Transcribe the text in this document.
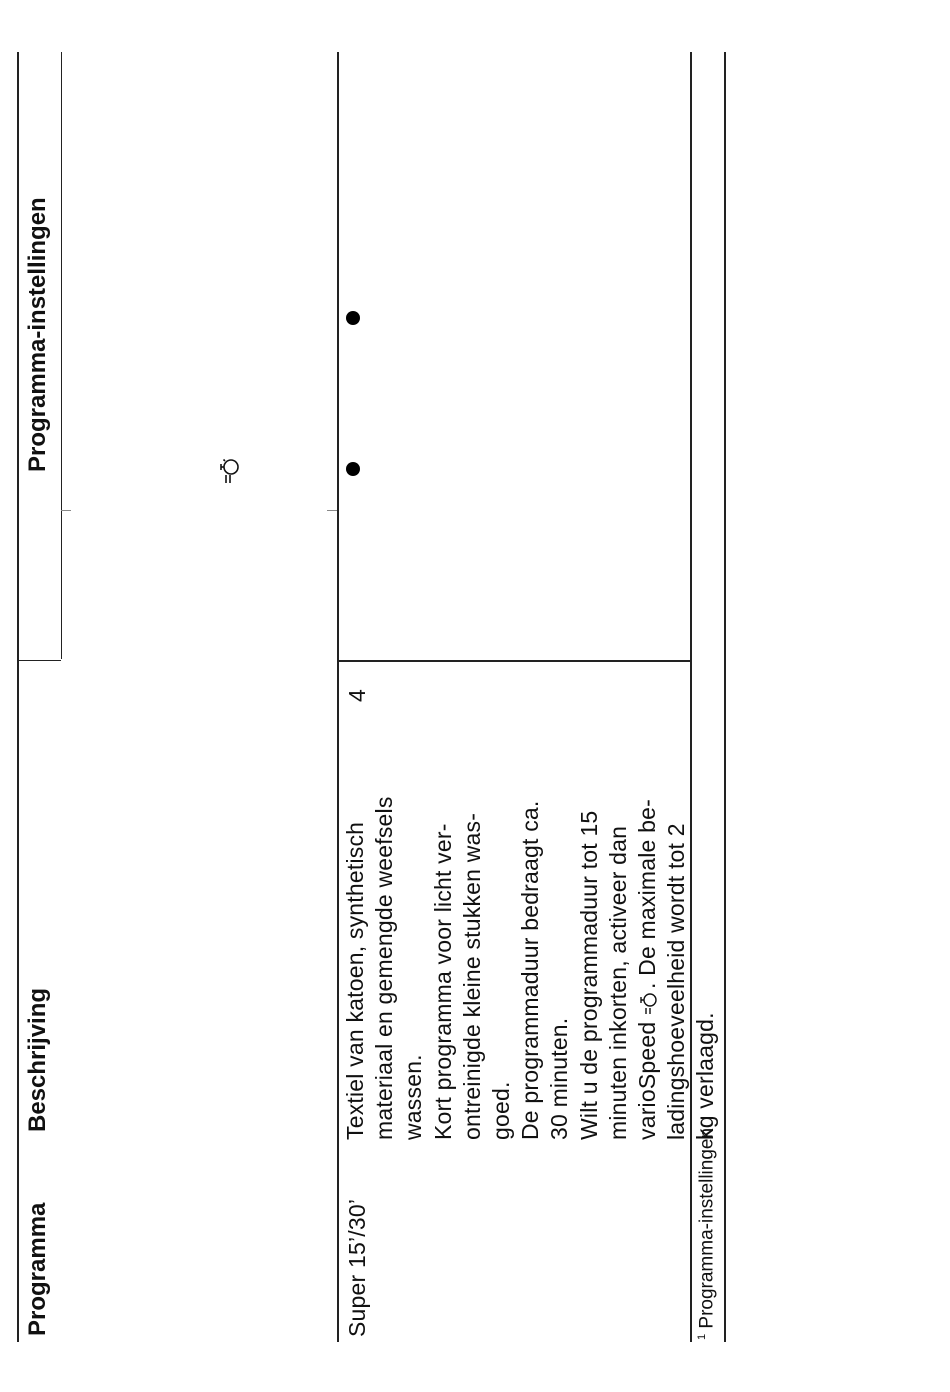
Programma
Beschrijving
Programma-instellingen
Super 15’/30’
Textiel van katoen, synthetisch materiaal en gemengde weefsels wassen. Kort programma voor licht ver- ontreinigde kleine stukken was- goed. De programmaduur bedraagt ca. 30 minuten. Wilt u de programmaduur tot 15 minuten inkorten, activeer dan varioSpeed . De maximale be- ladingshoeveelheid wordt tot 2 kg verlaagd.
4
$^1$ Programma-instellingen
